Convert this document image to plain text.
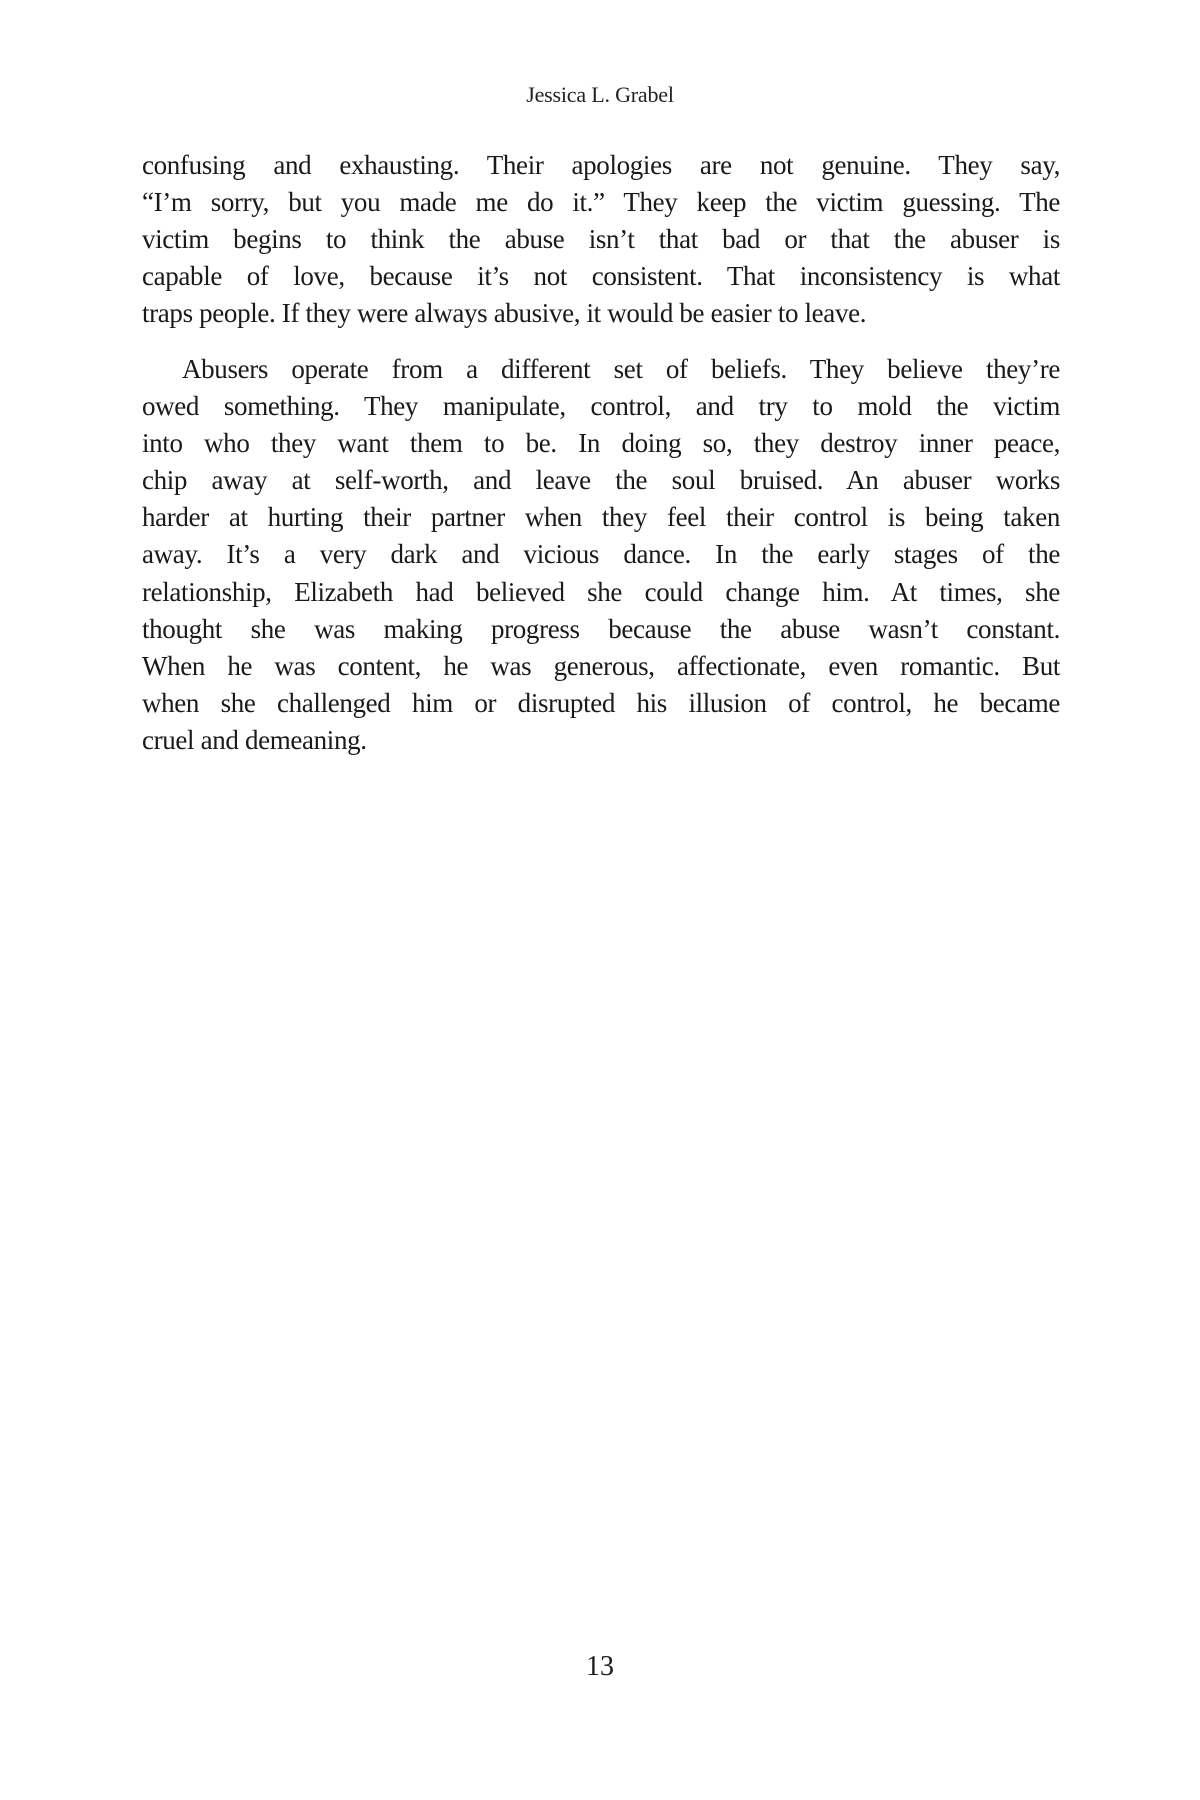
Jessica L. Grabel
confusing and exhausting. Their apologies are not genuine. They say,
“I’m sorry, but you made me do it.” They keep the victim guessing. The
victim begins to think the abuse isn’t that bad or that the abuser is
capable of love, because it’s not consistent. That inconsistency is what
traps people. If they were always abusive, it would be easier to leave.
Abusers operate from a different set of beliefs. They believe they’re
owed something. They manipulate, control, and try to mold the victim
into who they want them to be. In doing so, they destroy inner peace,
chip away at self-worth, and leave the soul bruised. An abuser works
harder at hurting their partner when they feel their control is being taken
away. It’s a very dark and vicious dance. In the early stages of the
relationship, Elizabeth had believed she could change him. At times, she
thought she was making progress because the abuse wasn’t constant.
When he was content, he was generous, affectionate, even romantic. But
when she challenged him or disrupted his illusion of control, he became
cruel and demeaning.
13
